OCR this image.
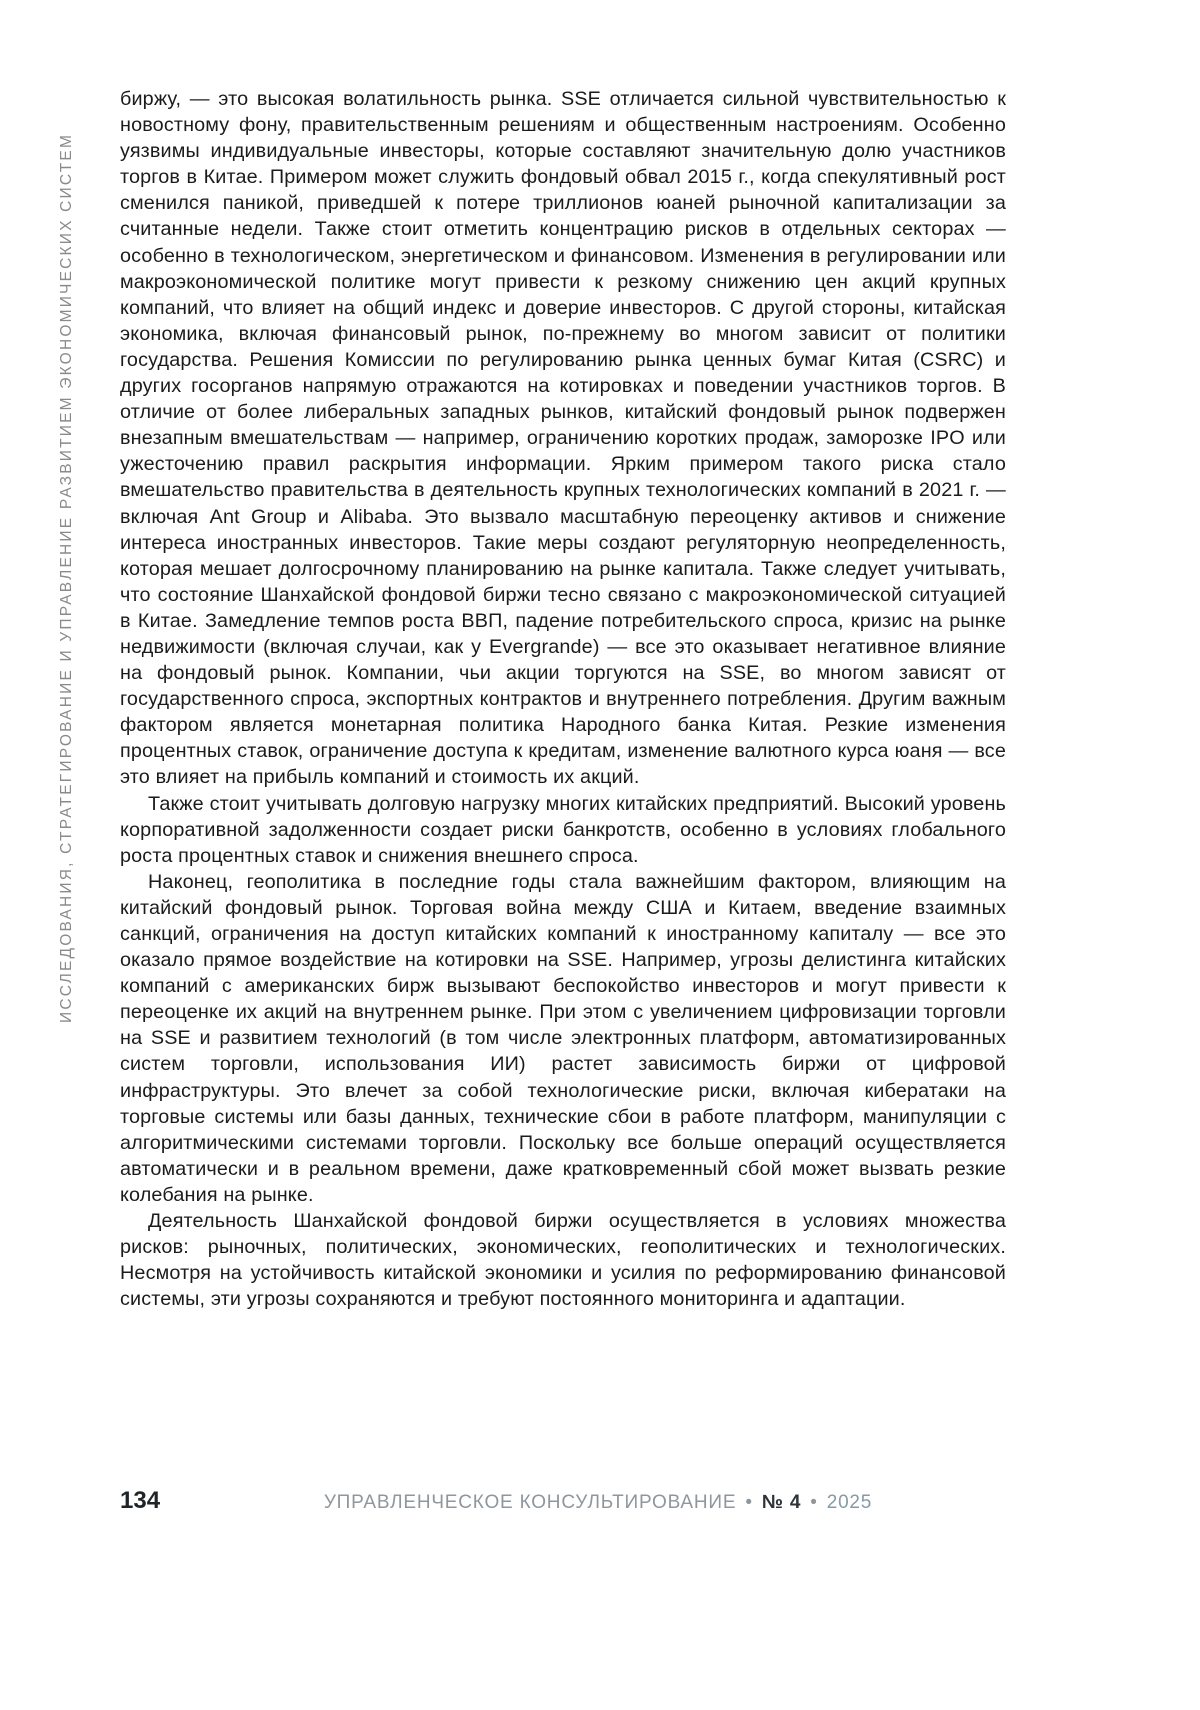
ИССЛЕДОВАНИЯ, СТРАТЕГИРОВАНИЕ И УПРАВЛЕНИЕ РАЗВИТИЕМ ЭКОНОМИЧЕСКИХ СИСТЕМ

биржу, — это высокая волатильность рынка. SSE отличается сильной чувствительностью к новостному фону, правительственным решениям и общественным настроениям. Особенно уязвимы индивидуальные инвесторы, которые составляют значительную долю участников торгов в Китае. Примером может служить фондовый обвал 2015 г., когда спекулятивный рост сменился паникой, приведшей к потере триллионов юаней рыночной капитализации за считанные недели. Также стоит отметить концентрацию рисков в отдельных секторах — особенно в технологическом, энергетическом и финансовом. Изменения в регулировании или макроэкономической политике могут привести к резкому снижению цен акций крупных компаний, что влияет на общий индекс и доверие инвесторов. С другой стороны, китайская экономика, включая финансовый рынок, по-прежнему во многом зависит от политики государства. Решения Комиссии по регулированию рынка ценных бумаг Китая (CSRC) и других госорганов напрямую отражаются на котировках и поведении участников торгов. В отличие от более либеральных западных рынков, китайский фондовый рынок подвержен внезапным вмешательствам — например, ограничению коротких продаж, заморозке IPO или ужесточению правил раскрытия информации. Ярким примером такого риска стало вмешательство правительства в деятельность крупных технологических компаний в 2021 г. — включая Ant Group и Alibaba. Это вызвало масштабную переоценку активов и снижение интереса иностранных инвесторов. Такие меры создают регуляторную неопределенность, которая мешает долгосрочному планированию на рынке капитала. Также следует учитывать, что состояние Шанхайской фондовой биржи тесно связано с макроэкономической ситуацией в Китае. Замедление темпов роста ВВП, падение потребительского спроса, кризис на рынке недвижимости (включая случаи, как у Evergrande) — все это оказывает негативное влияние на фондовый рынок. Компании, чьи акции торгуются на SSE, во многом зависят от государственного спроса, экспортных контрактов и внутреннего потребления. Другим важным фактором является монетарная политика Народного банка Китая. Резкие изменения процентных ставок, ограничение доступа к кредитам, изменение валютного курса юаня — все это влияет на прибыль компаний и стоимость их акций.

Также стоит учитывать долговую нагрузку многих китайских предприятий. Высокий уровень корпоративной задолженности создает риски банкротств, особенно в условиях глобального роста процентных ставок и снижения внешнего спроса.

Наконец, геополитика в последние годы стала важнейшим фактором, влияющим на китайский фондовый рынок. Торговая война между США и Китаем, введение взаимных санкций, ограничения на доступ китайских компаний к иностранному капиталу — все это оказало прямое воздействие на котировки на SSE. Например, угрозы делистинга китайских компаний с американских бирж вызывают беспокойство инвесторов и могут привести к переоценке их акций на внутреннем рынке. При этом с увеличением цифровизации торговли на SSE и развитием технологий (в том числе электронных платформ, автоматизированных систем торговли, использования ИИ) растет зависимость биржи от цифровой инфраструктуры. Это влечет за собой технологические риски, включая кибератаки на торговые системы или базы данных, технические сбои в работе платформ, манипуляции с алгоритмическими системами торговли. Поскольку все больше операций осуществляется автоматически и в реальном времени, даже кратковременный сбой может вызвать резкие колебания на рынке.

Деятельность Шанхайской фондовой биржи осуществляется в условиях множества рисков: рыночных, политических, экономических, геополитических и технологических. Несмотря на устойчивость китайской экономики и усилия по реформированию финансовой системы, эти угрозы сохраняются и требуют постоянного мониторинга и адаптации.

134	УПРАВЛЕНЧЕСКОЕ КОНСУЛЬТИРОВАНИЕ • № 4 • 2025
